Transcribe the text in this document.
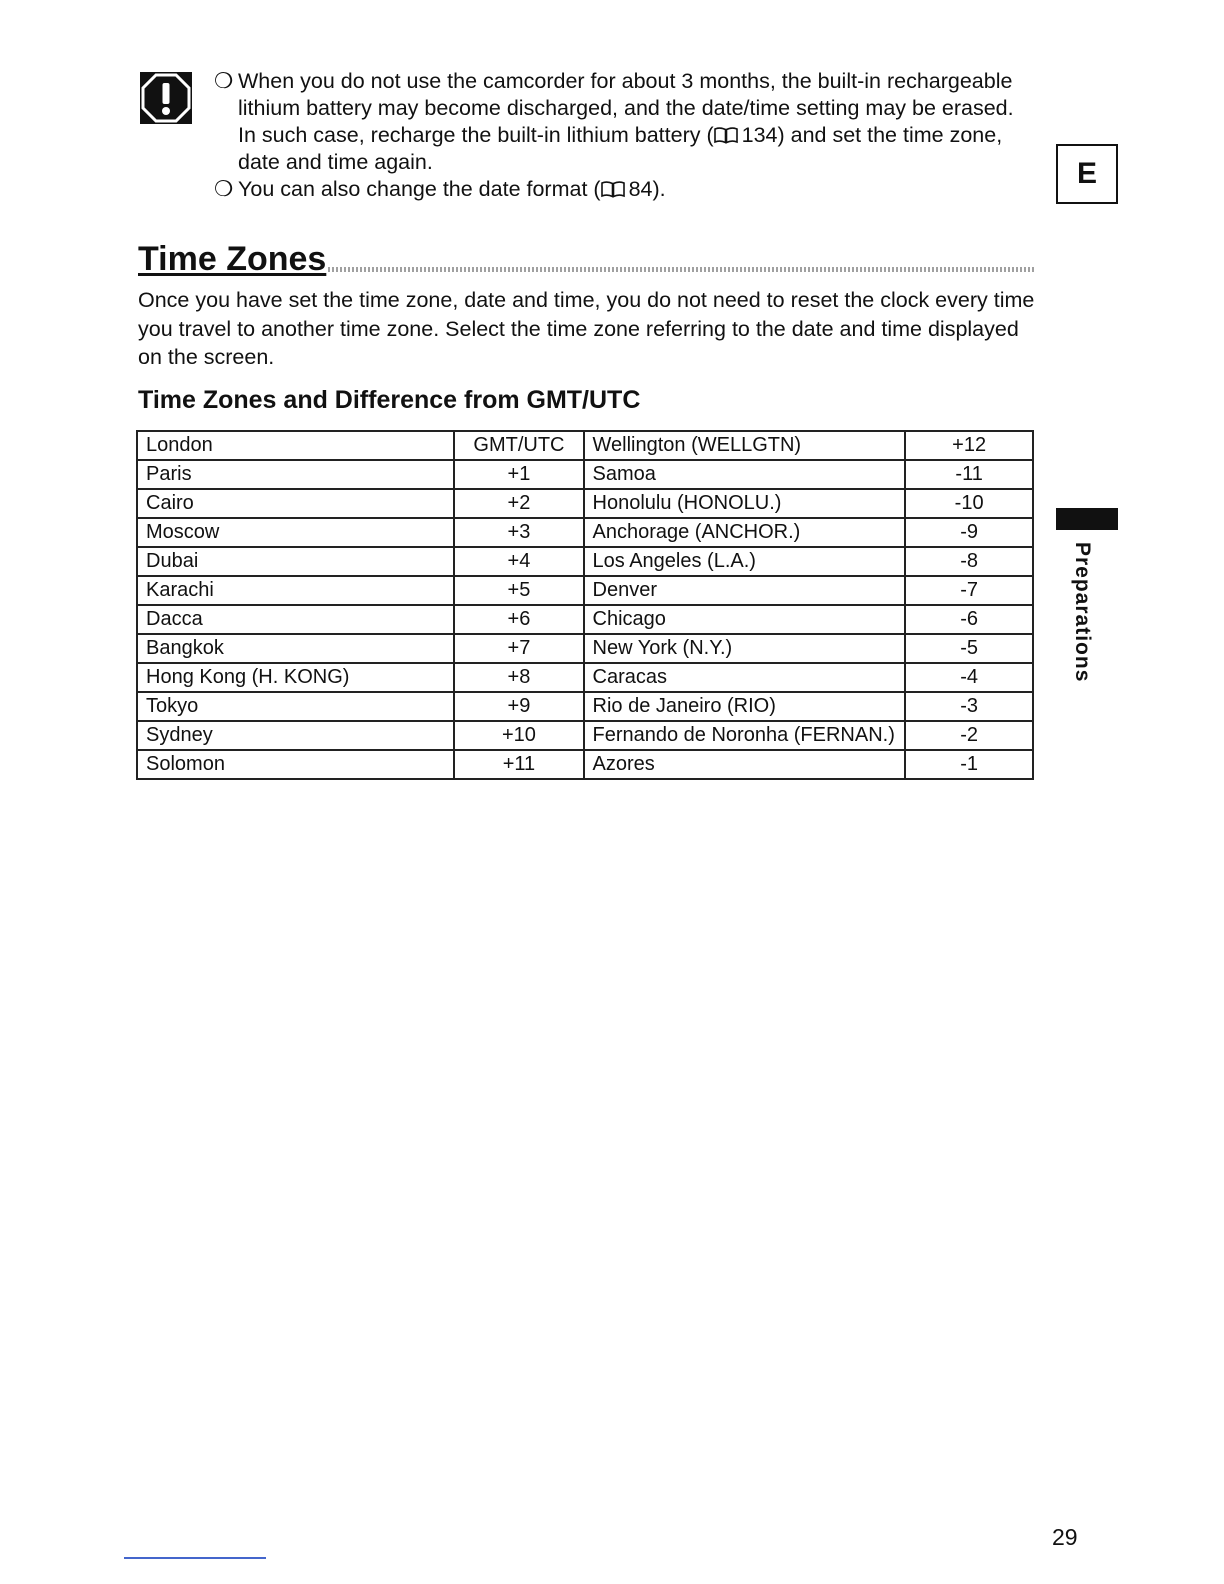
❍ When you do not use the camcorder for about 3 months, the built-in rechargeable lithium battery may become discharged, and the date/time setting may be erased. In such case, recharge the built-in lithium battery ( 134) and set the time zone, date and time again.
❍ You can also change the date format ( 84).	E
Time Zones

Once you have set the time zone, date and time, you do not need to reset the clock every time you travel to another time zone. Select the time zone referring to the date and time displayed on the screen.

Time Zones and Difference from GMT/UTC
London	GMT/UTC	Wellington (WELLGTN)	+12
Paris	+1	Samoa	-11
Cairo	+2	Honolulu (HONOLU.)	-10
Moscow	+3	Anchorage (ANCHOR.)	-9
Dubai	+4	Los Angeles (L.A.)	-8
Karachi	+5	Denver	-7
Dacca	+6	Chicago	-6
Bangkok	+7	New York (N.Y.)	-5
Hong Kong (H. KONG)	+8	Caracas	-4
Tokyo	+9	Rio de Janeiro (RIO)	-3
Sydney	+10	Fernando de Noronha (FERNAN.)	-2
Solomon	+11	Azores	-1
Preparations
29
